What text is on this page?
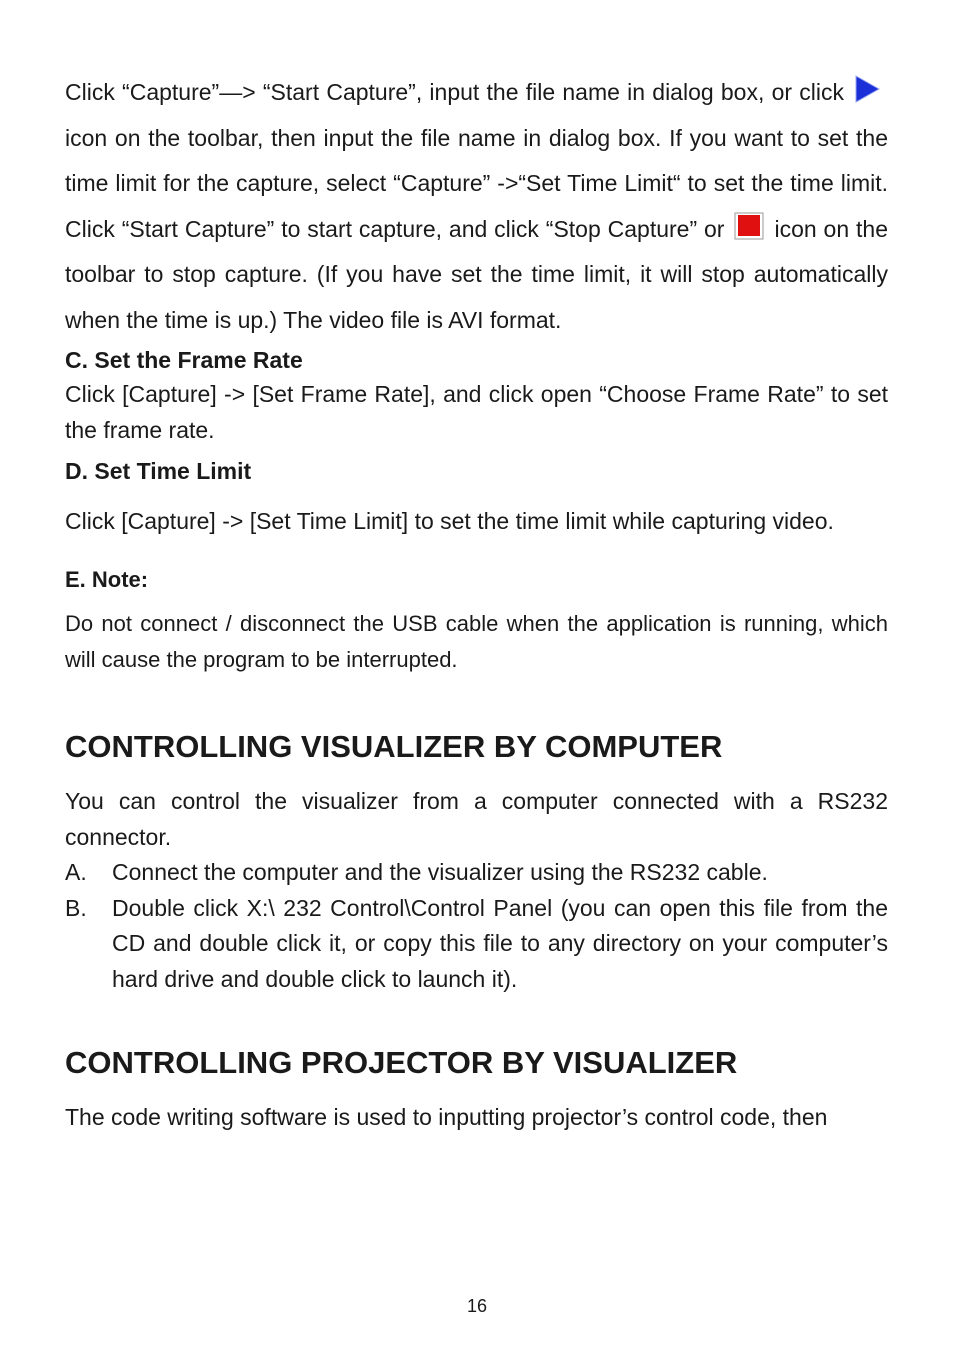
Click “Capture”—> “Start Capture”, input the file name in dialog box, or clickicon on the toolbar, then input the file name in dialog box. If you want to set the time limit for the capture, select “Capture” ->“Set Time Limit“ to set the time limit. Click “Start Capture” to start capture, and click “Stop Capture” or icon on the toolbar to stop capture. (If you have set the time limit, it will stop automatically when the time is up.) The video file is AVI format.

C. Set the Frame Rate

Click [Capture] -> [Set Frame Rate], and click open “Choose Frame Rate” to set the frame rate.

D. Set Time Limit

Click [Capture] -> [Set Time Limit] to set the time limit while capturing video.

E. Note:

Do not connect / disconnect the USB cable when the application is running, which will cause the program to be interrupted.

CONTROLLING VISUALIZER BY COMPUTER

You can control the visualizer from a computer connected with a RS232 connector.

A. Connect the computer and the visualizer using the RS232 cable.
B. Double click X:\ 232 Control\Control Panel (you can open this file from the CD and double click it, or copy this file to any directory on your computer’s hard drive and double click to launch it).
CONTROLLING PROJECTOR BY VISUALIZER

The code writing software is used to inputting projector’s control code, then

16
